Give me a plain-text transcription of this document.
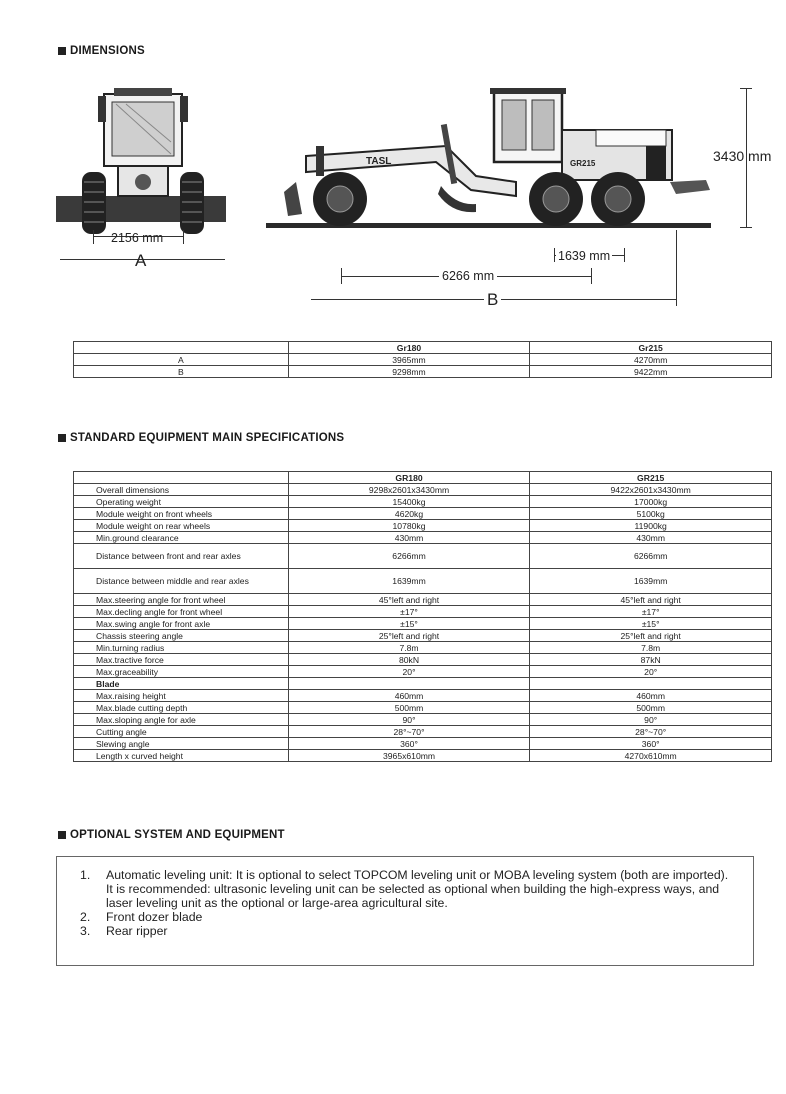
DIMENSIONS
2156 mm
A
TASL	GR215	3430 mm
1639 mm
6266 mm
B
	Gr180	Gr215
A	3965mm	4270mm
B	9298mm	9422mm
STANDARD EQUIPMENT MAIN SPECIFICATIONS
	GR180	GR215
Overall dimensions	9298x2601x3430mm	9422x2601x3430mm
Operating weight	15400kg	17000kg
Module weight on front wheels	4620kg	5100kg
Module weight on rear wheels	10780kg	11900kg
Min.ground clearance	430mm	430mm
Distance between front and rear axles	6266mm	6266mm
Distance between middle and rear axles	1639mm	1639mm
Max.steering angle for front wheel	45°left and right	45°left and right
Max.decling angle for front wheel	±17°	±17°
Max.swing angle for front axle	±15°	±15°
Chassis steering angle	25°left and right	25°left and right
Min.turning radius	7.8m	7.8m
Max.tractive force	80kN	87kN
Max.graceability	20°	20°
Blade		
Max.raising height	460mm	460mm
Max.blade cutting depth	500mm	500mm
Max.sloping angle for axle	90°	90°
Cutting angle	28°~70°	28°~70°
Slewing angle	360°	360°
Length x curved height	3965x610mm	4270x610mm
OPTIONAL SYSTEM AND EQUIPMENT
1.	Automatic leveling unit: It is optional to select TOPCOM leveling unit or MOBA leveling system (both are imported).
It is recommended: ultrasonic leveling unit can be selected as optional when building the high-express ways, and laser leveling unit as the optional or large-area agricultural site.
2.	Front dozer blade
3.	Rear ripper
